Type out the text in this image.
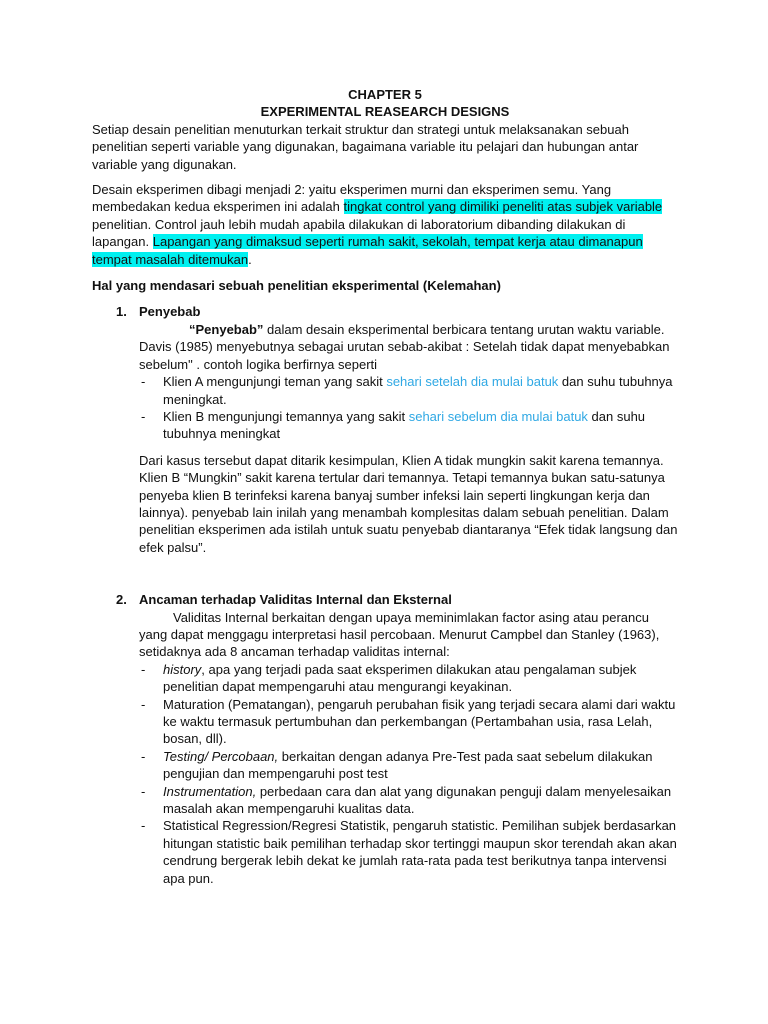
CHAPTER 5
EXPERIMENTAL REASEARCH DESIGNS

Setiap desain penelitian menuturkan terkait struktur dan strategi untuk melaksanakan sebuah penelitian seperti variable yang digunakan, bagaimana variable itu pelajari dan hubungan antar variable yang digunakan.

Desain eksperimen dibagi menjadi 2: yaitu eksperimen murni dan eksperimen semu. Yang membedakan kedua eksperimen ini adalah tingkat control yang dimiliki peneliti atas subjek variable penelitian. Control jauh lebih mudah apabila dilakukan di laboratorium dibanding dilakukan di lapangan. Lapangan yang dimaksud seperti rumah sakit, sekolah, tempat kerja atau dimanapun tempat masalah ditemukan.

Hal yang mendasari sebuah penelitian eksperimental (Kelemahan)
1. Penyebab

“Penyebab” dalam desain eksperimental berbicara tentang urutan waktu variable. Davis (1985) menyebutnya sebagai urutan sebab-akibat : Setelah tidak dapat menyebabkan sebelum" . contoh logika berfirnya seperti

- Klien A mengunjungi teman yang sakit sehari setelah dia mulai batuk dan suhu tubuhnya meningkat.
- Klien B mengunjungi temannya yang sakit sehari sebelum dia mulai batuk dan suhu tubuhnya meningkat

Dari kasus tersebut dapat ditarik kesimpulan, Klien A tidak mungkin sakit karena temannya. Klien B “Mungkin” sakit karena tertular dari temannya. Tetapi temannya bukan satu-satunya penyeba klien B terinfeksi karena banyaj sumber infeksi lain seperti lingkungan kerja dan lainnya). penyebab lain inilah yang menambah komplesitas dalam sebuah penelitian. Dalam penelitian eksperimen ada istilah untuk suatu penyebab diantaranya “Efek tidak langsung dan efek palsu”.

2. Ancaman terhadap Validitas Internal dan Eksternal

Validitas Internal berkaitan dengan upaya meminimlakan factor asing atau perancu yang dapat menggagu interpretasi hasil percobaan. Menurut Campbel dan Stanley (1963), setidaknya ada 8 ancaman terhadap validitas internal:

- history, apa yang terjadi pada saat eksperimen dilakukan atau pengalaman subjek penelitian dapat mempengaruhi atau mengurangi keyakinan.
- Maturation (Pematangan), pengaruh perubahan fisik yang terjadi secara alami dari waktu ke waktu termasuk pertumbuhan dan perkembangan (Pertambahan usia, rasa Lelah, bosan, dll).
- Testing/ Percobaan, berkaitan dengan adanya Pre-Test pada saat sebelum dilakukan pengujian dan mempengaruhi post test
- Instrumentation, perbedaan cara dan alat yang digunakan penguji dalam menyelesaikan masalah akan mempengaruhi kualitas data.
- Statistical Regression/Regresi Statistik, pengaruh statistic. Pemilihan subjek berdasarkan hitungan statistic baik pemilihan terhadap skor tertinggi maupun skor terendah akan akan cendrung bergerak lebih dekat ke jumlah rata-rata pada test berikutnya tanpa intervensi apa pun.
